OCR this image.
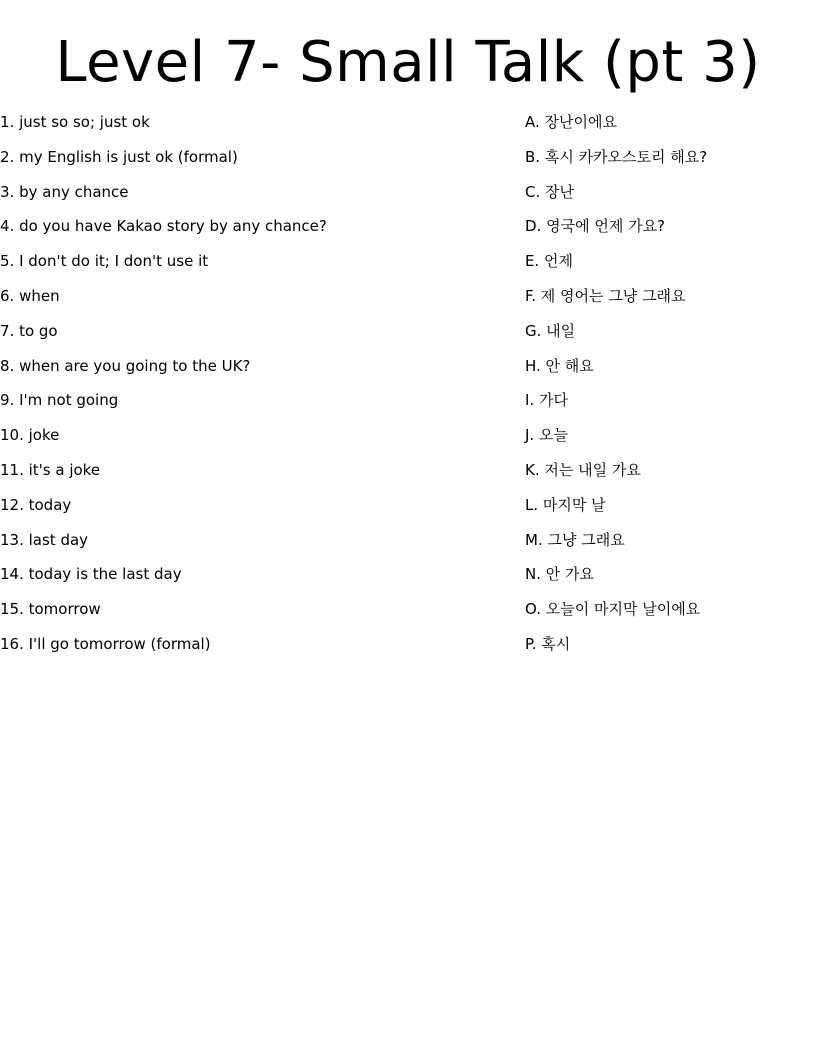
Level 7- Small Talk (pt 3)
1. just so so; just ok
2. my English is just ok (formal)
3. by any chance
4. do you have Kakao story by any chance?
5. I don't do it; I don't use it
6. when
7. to go
8. when are you going to the UK?
9. I'm not going
10. joke
11. it's a joke
12. today
13. last day
14. today is the last day
15. tomorrow
16. I'll go tomorrow (formal)
A. 장난이에요
B. 혹시 카카오스토리 해요?
C. 장난
D. 영국에 언제 가요?
E. 언제
F. 제 영어는 그냥 그래요
G. 내일
H. 안 해요
I. 가다
J. 오늘
K. 저는 내일 가요
L. 마지막 날
M. 그냥 그래요
N. 안 가요
O. 오늘이 마지막 날이에요
P. 혹시
